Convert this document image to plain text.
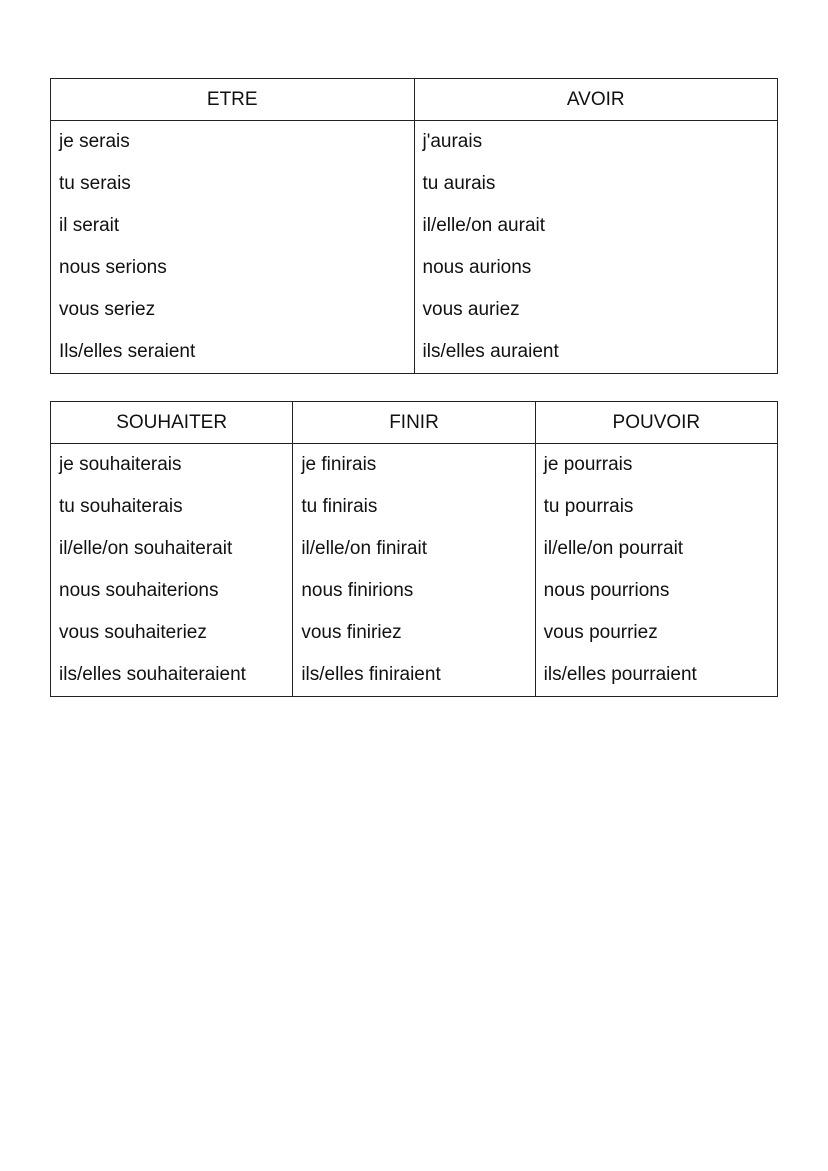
ETRE	AVOIR
je serais	j'aurais
tu serais	tu aurais
il serait	il/elle/on aurait
nous serions	nous aurions
vous seriez	vous auriez
Ils/elles seraient	ils/elles auraient
SOUHAITER	FINIR	POUVOIR
je souhaiterais	je finirais	je pourrais
tu souhaiterais	tu finirais	tu pourrais
il/elle/on souhaiterait	il/elle/on finirait	il/elle/on pourrait
nous souhaiterions	nous finirions	nous pourrions
vous souhaiteriez	vous finiriez	vous pourriez
ils/elles souhaiteraient	ils/elles finiraient	ils/elles pourraient
